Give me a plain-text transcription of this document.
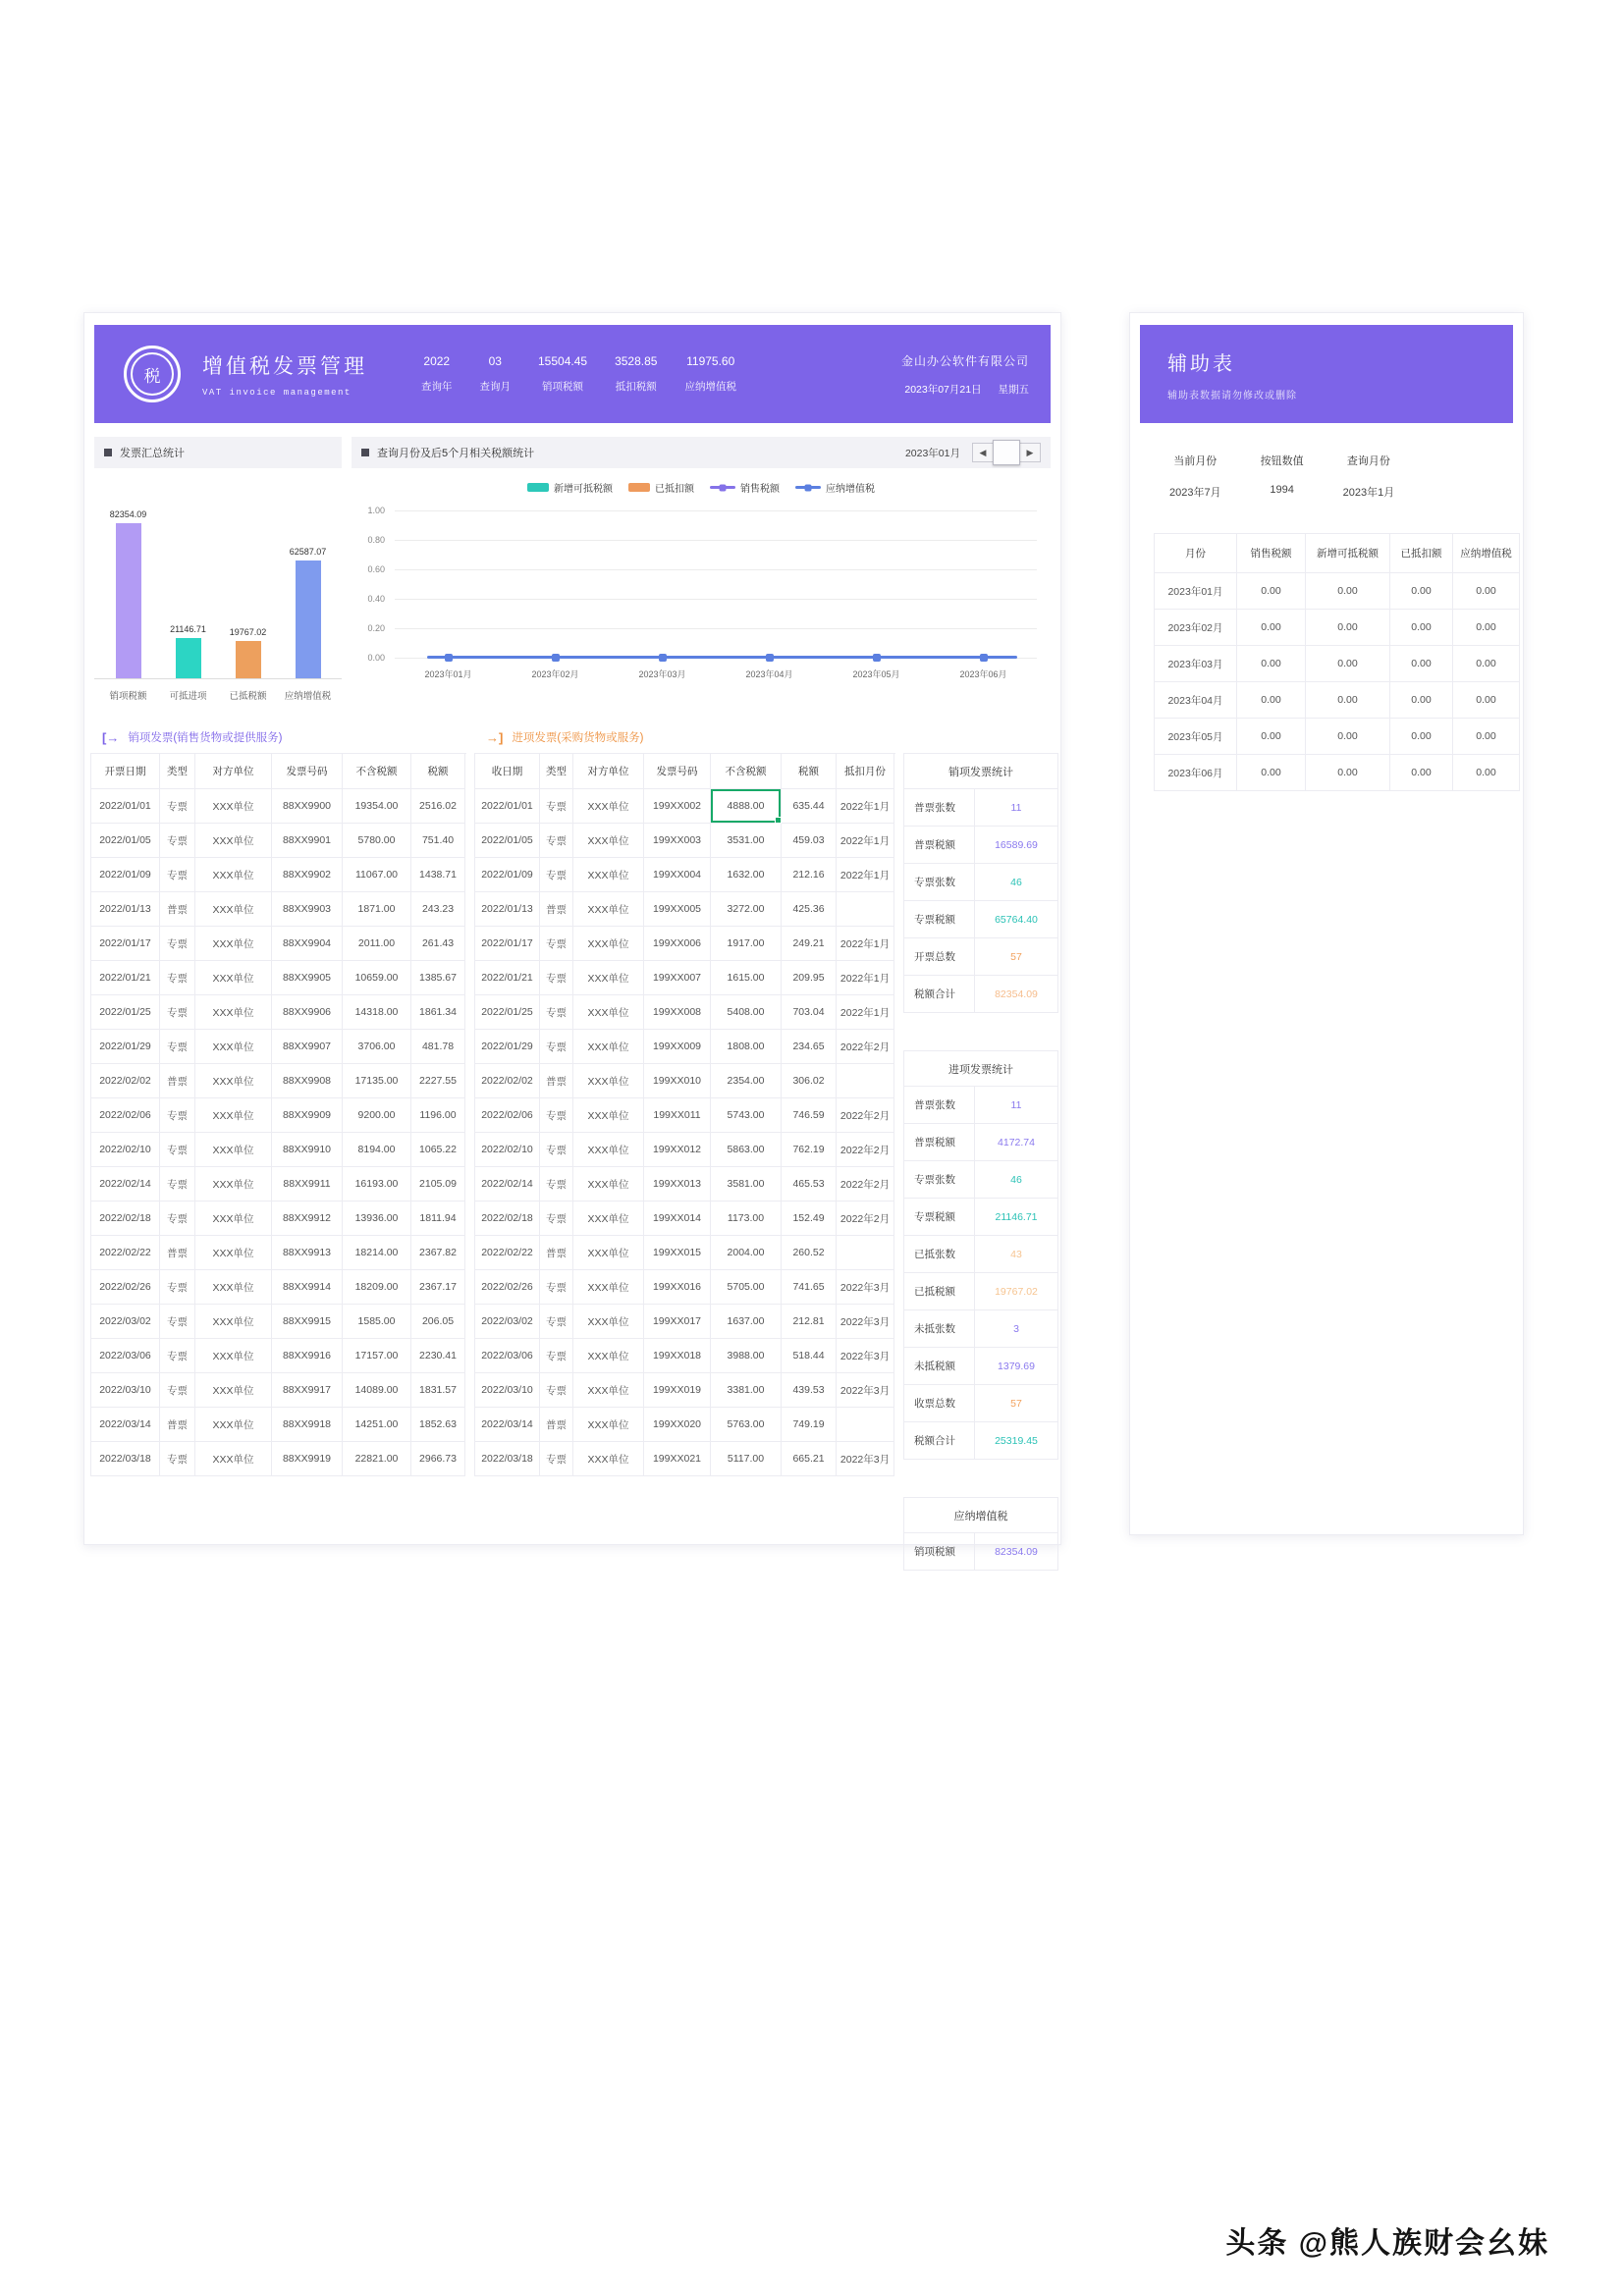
税	增值税发票管理
VAT invoice management
2022
查询年
03
查询月
15504.45
销项税额
3528.85
抵扣税额
11975.60
应纳增值税
金山办公软件有限公司
2023年07月21日 星期五
发票汇总统计
82354.09
21146.71	19767.02
62587.07
销项税额	可抵进项	已抵税额	应纳增值税
查询月份及后5个月相关税额统计	2023年01月	◀	▶
新增可抵税额	已抵扣额	销售税额	应纳增值税
1.00
0.80
0.60
0.40
0.20
0.00
2023年01月	2023年02月	2023年03月	2023年04月	2023年05月	2023年06月
[→ 销项发票(销售货物或提供服务)
开票日期	类型	对方单位	发票号码	不含税额	税额
2022/01/01	专票	XXX单位	88XX9900	19354.00	2516.02
2022/01/05	专票	XXX单位	88XX9901	5780.00	751.40
2022/01/09	专票	XXX单位	88XX9902	11067.00	1438.71
2022/01/13	普票	XXX单位	88XX9903	1871.00	243.23
2022/01/17	专票	XXX单位	88XX9904	2011.00	261.43
2022/01/21	专票	XXX单位	88XX9905	10659.00	1385.67
2022/01/25	专票	XXX单位	88XX9906	14318.00	1861.34
2022/01/29	专票	XXX单位	88XX9907	3706.00	481.78
2022/02/02	普票	XXX单位	88XX9908	17135.00	2227.55
2022/02/06	专票	XXX单位	88XX9909	9200.00	1196.00
2022/02/10	专票	XXX单位	88XX9910	8194.00	1065.22
2022/02/14	专票	XXX单位	88XX9911	16193.00	2105.09
2022/02/18	专票	XXX单位	88XX9912	13936.00	1811.94
2022/02/22	普票	XXX单位	88XX9913	18214.00	2367.82
2022/02/26	专票	XXX单位	88XX9914	18209.00	2367.17
2022/03/02	专票	XXX单位	88XX9915	1585.00	206.05
2022/03/06	专票	XXX单位	88XX9916	17157.00	2230.41
2022/03/10	专票	XXX单位	88XX9917	14089.00	1831.57
2022/03/14	普票	XXX单位	88XX9918	14251.00	1852.63
2022/03/18	专票	XXX单位	88XX9919	22821.00	2966.73
→] 进项发票(采购货物或服务)
收日期	类型	对方单位	发票号码	不含税额	税额	抵扣月份
2022/01/01	专票	XXX单位	199XX002	4888.00	635.44	2022年1月
2022/01/05	专票	XXX单位	199XX003	3531.00	459.03	2022年1月
2022/01/09	专票	XXX单位	199XX004	1632.00	212.16	2022年1月
2022/01/13	普票	XXX单位	199XX005	3272.00	425.36
2022/01/17	专票	XXX单位	199XX006	1917.00	249.21	2022年1月
2022/01/21	专票	XXX单位	199XX007	1615.00	209.95	2022年1月
2022/01/25	专票	XXX单位	199XX008	5408.00	703.04	2022年1月
2022/01/29	专票	XXX单位	199XX009	1808.00	234.65	2022年2月
2022/02/02	普票	XXX单位	199XX010	2354.00	306.02
2022/02/06	专票	XXX单位	199XX011	5743.00	746.59	2022年2月
2022/02/10	专票	XXX单位	199XX012	5863.00	762.19	2022年2月
2022/02/14	专票	XXX单位	199XX013	3581.00	465.53	2022年2月
2022/02/18	专票	XXX单位	199XX014	1173.00	152.49	2022年2月
2022/02/22	普票	XXX单位	199XX015	2004.00	260.52
2022/02/26	专票	XXX单位	199XX016	5705.00	741.65	2022年3月
2022/03/02	专票	XXX单位	199XX017	1637.00	212.81	2022年3月
2022/03/06	专票	XXX单位	199XX018	3988.00	518.44	2022年3月
2022/03/10	专票	XXX单位	199XX019	3381.00	439.53	2022年3月
2022/03/14	普票	XXX单位	199XX020	5763.00	749.19
2022/03/18	专票	XXX单位	199XX021	5117.00	665.21	2022年3月
销项发票统计
普票张数	11
普票税额	16589.69
专票张数	46
专票税额	65764.40
开票总数	57
税额合计	82354.09
进项发票统计
普票张数	11
普票税额	4172.74
专票张数	46
专票税额	21146.71
已抵张数	43
已抵税额	19767.02
未抵张数	3
未抵税额	1379.69
收票总数	57
税额合计	25319.45
应纳增值税
销项税额	82354.09
辅助表
辅助表数据请勿修改或删除
当前月份
2023年7月
按钮数值
1994
查询月份
2023年1月
月份	销售税额	新增可抵税额	已抵扣额	应纳增值税
2023年01月	0.00	0.00	0.00	0.00
2023年02月	0.00	0.00	0.00	0.00
2023年03月	0.00	0.00	0.00	0.00
2023年04月	0.00	0.00	0.00	0.00
2023年05月	0.00	0.00	0.00	0.00
2023年06月	0.00	0.00	0.00	0.00
头条 @熊人族财会幺妹
